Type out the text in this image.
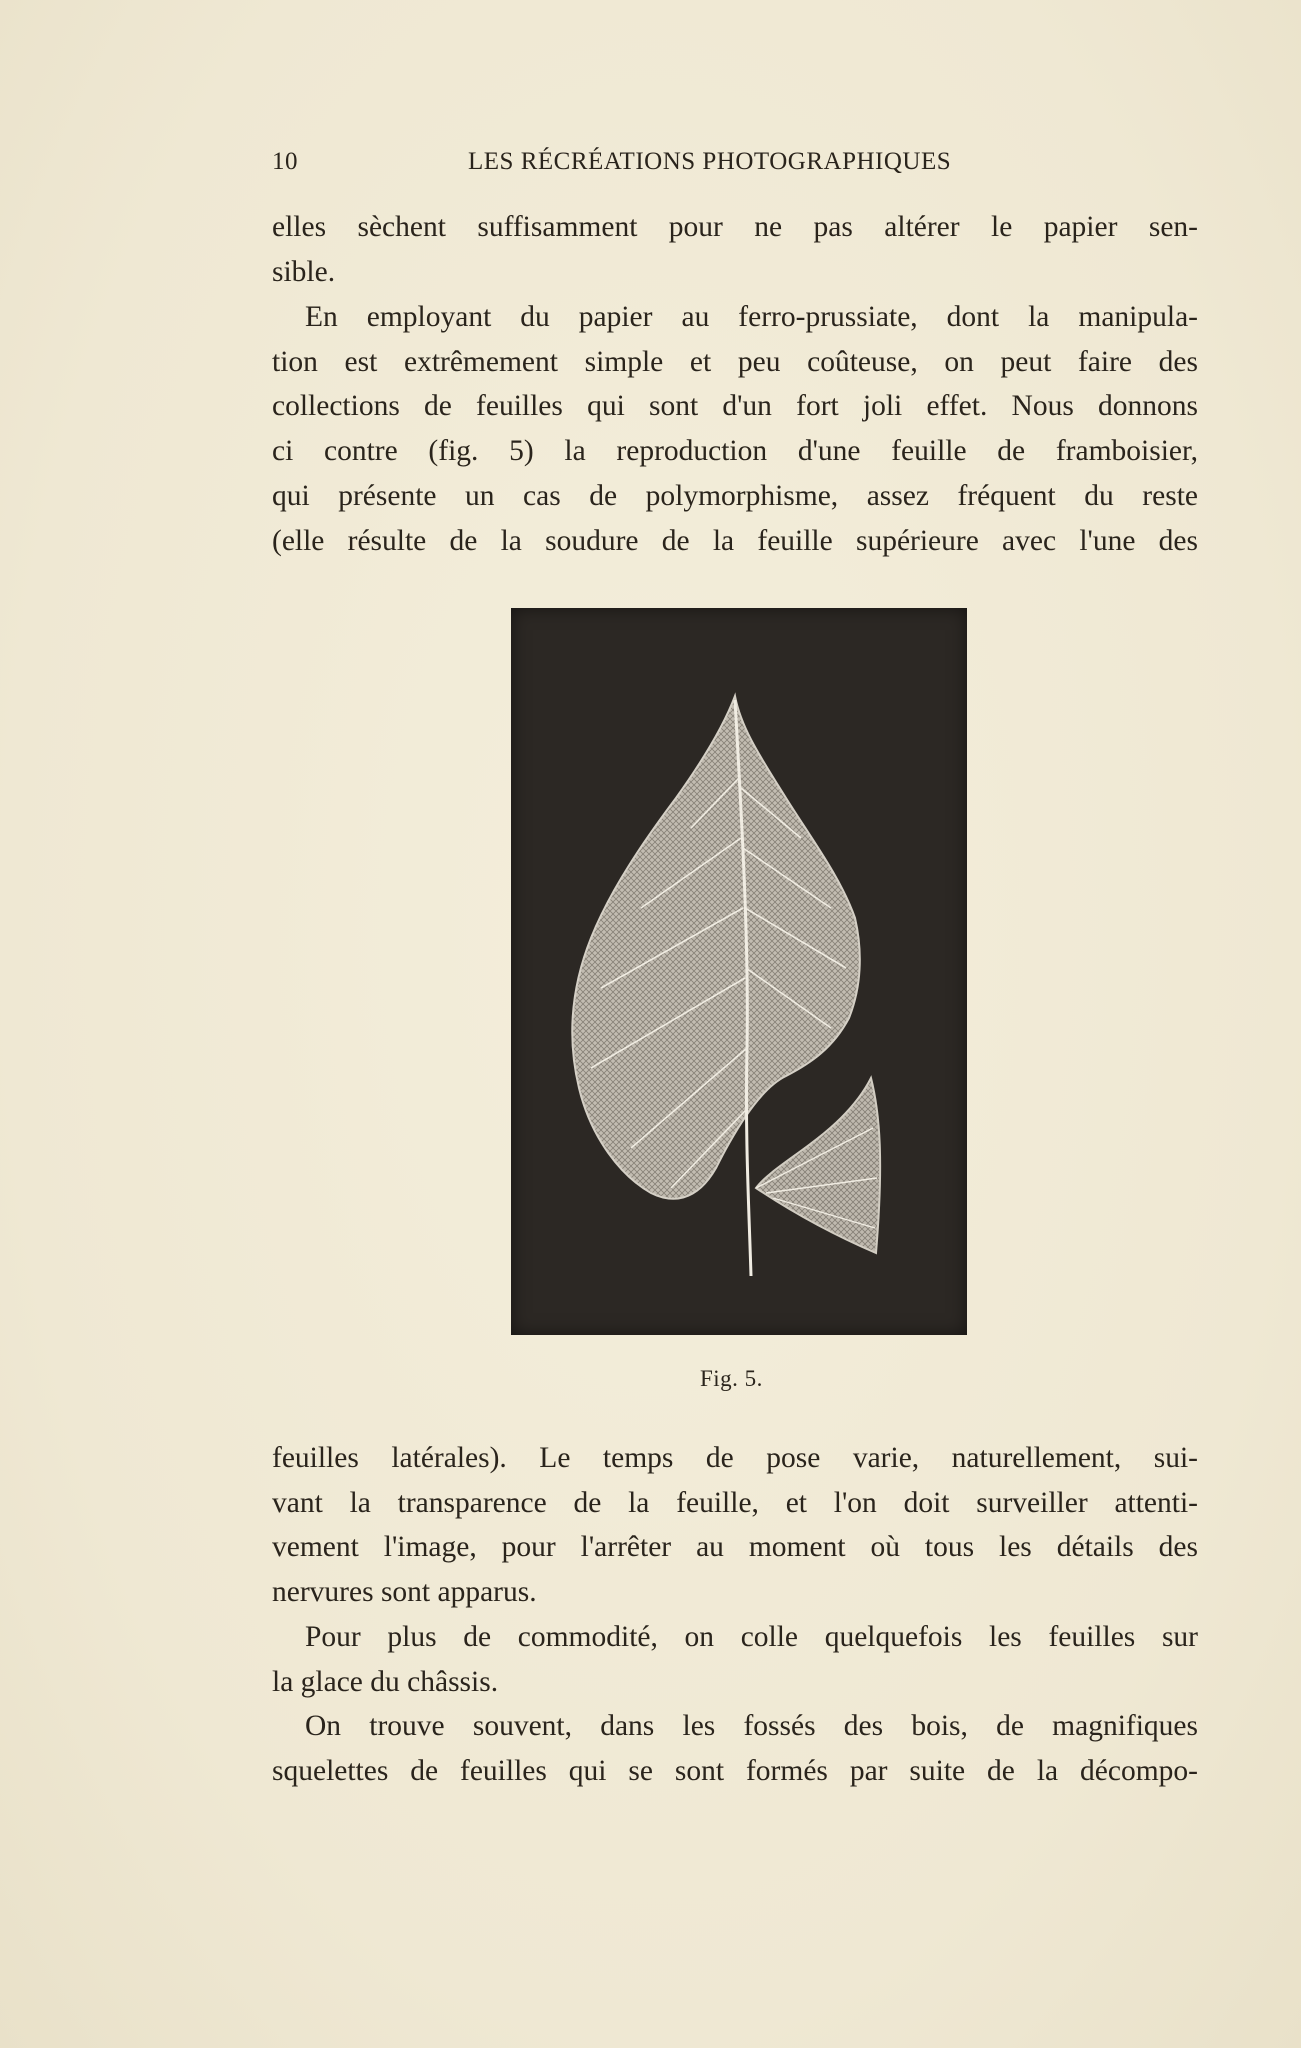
10	LES RÉCRÉATIONS PHOTOGRAPHIQUES
elles sèchent suffisamment pour ne pas altérer le papier sen-
sible.
En employant du papier au ferro-prussiate, dont la manipula-
tion est extrêmement simple et peu coûteuse, on peut faire des
collections de feuilles qui sont d'un fort joli effet. Nous donnons
ci contre (fig. 5) la reproduction d'une feuille de framboisier,
qui présente un cas de polymorphisme, assez fréquent du reste
(elle résulte de la soudure de la feuille supérieure avec l'une des
Fig. 5.
feuilles latérales). Le temps de pose varie, naturellement, sui-
vant la transparence de la feuille, et l'on doit surveiller attenti-
vement l'image, pour l'arrêter au moment où tous les détails des
nervures sont apparus.
Pour plus de commodité, on colle quelquefois les feuilles sur
la glace du châssis.
On trouve souvent, dans les fossés des bois, de magnifiques
squelettes de feuilles qui se sont formés par suite de la décompo-
